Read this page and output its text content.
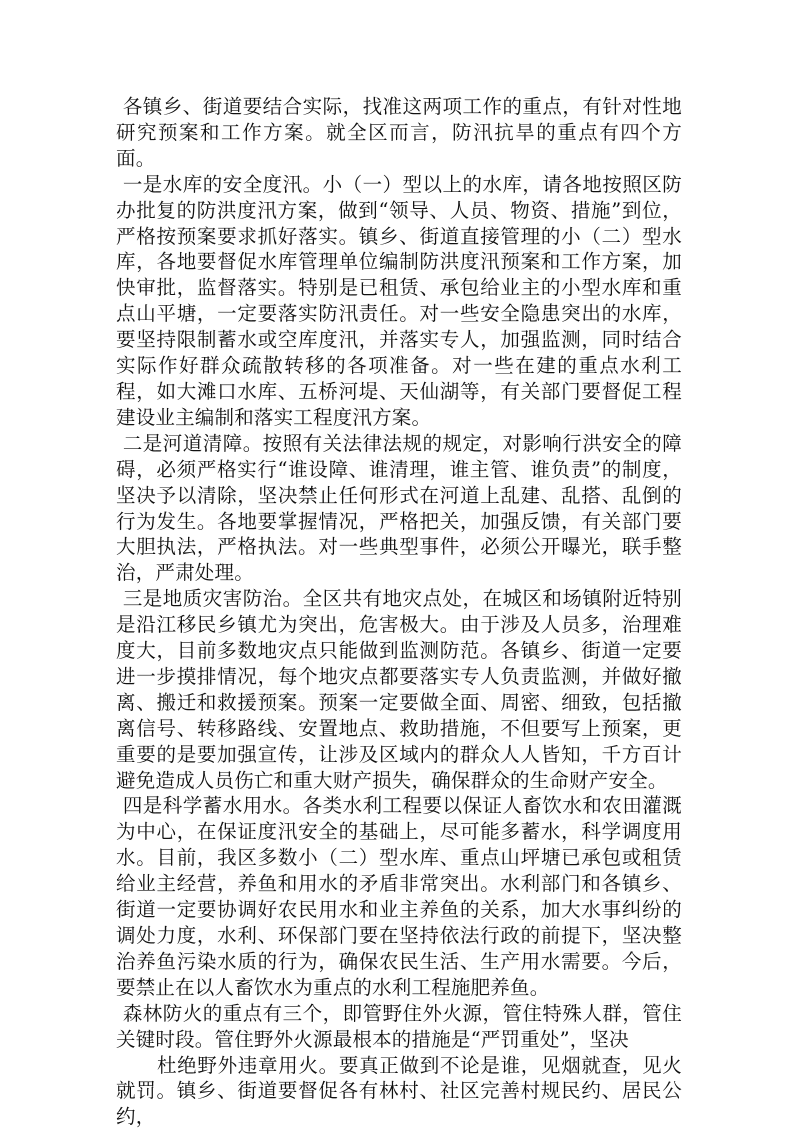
各镇乡、街道要结合实际，找准这两项工作的重点，有针对性地研究预案和工作方案。就全区而言，防汛抗旱的重点有四个方面。

一是水库的安全度汛。小（一）型以上的水库，请各地按照区防办批复的防洪度汛方案，做到“领导、人员、物资、措施”到位，严格按预案要求抓好落实。镇乡、街道直接管理的小（二）型水库，各地要督促水库管理单位编制防洪度汛预案和工作方案，加快审批，监督落实。特别是已租赁、承包给业主的小型水库和重点山平塘，一定要落实防汛责任。对一些安全隐患突出的水库，要坚持限制蓄水或空库度汛，并落实专人，加强监测，同时结合实际作好群众疏散转移的各项准备。对一些在建的重点水利工程，如大滩口水库、五桥河堤、天仙湖等，有关部门要督促工程建设业主编制和落实工程度汛方案。

二是河道清障。按照有关法律法规的规定，对影响行洪安全的障碍，必须严格实行“谁设障、谁清理，谁主管、谁负责”的制度，坚决予以清除，坚决禁止任何形式在河道上乱建、乱搭、乱倒的行为发生。各地要掌握情况，严格把关，加强反馈，有关部门要大胆执法，严格执法。对一些典型事件，必须公开曝光，联手整治，严肃处理。

三是地质灾害防治。全区共有地灾点处，在城区和场镇附近特别是沿江移民乡镇尤为突出，危害极大。由于涉及人员多，治理难度大，目前多数地灾点只能做到监测防范。各镇乡、街道一定要进一步摸排情况，每个地灾点都要落实专人负责监测，并做好撤离、搬迁和救援预案。预案一定要做全面、周密、细致，包括撤离信号、转移路线、安置地点、救助措施，不但要写上预案，更重要的是要加强宣传，让涉及区域内的群众人人皆知，千方百计避免造成人员伤亡和重大财产损失，确保群众的生命财产安全。

四是科学蓄水用水。各类水利工程要以保证人畜饮水和农田灌溉为中心，在保证度汛安全的基础上，尽可能多蓄水，科学调度用水。目前，我区多数小（二）型水库、重点山坪塘已承包或租赁给业主经营，养鱼和用水的矛盾非常突出。水利部门和各镇乡、街道一定要协调好农民用水和业主养鱼的关系，加大水事纠纷的调处力度，水利、环保部门要在坚持依法行政的前提下，坚决整治养鱼污染水质的行为，确保农民生活、生产用水需要。今后，要禁止在以人畜饮水为重点的水利工程施肥养鱼。

森林防火的重点有三个，即管野住外火源，管住特殊人群，管住关键时段。管住野外火源最根本的措施是“严罚重处”，坚决

杜绝野外违章用火。要真正做到不论是谁，见烟就查，见火就罚。镇乡、街道要督促各有林村、社区完善村规民约、居民公约，
